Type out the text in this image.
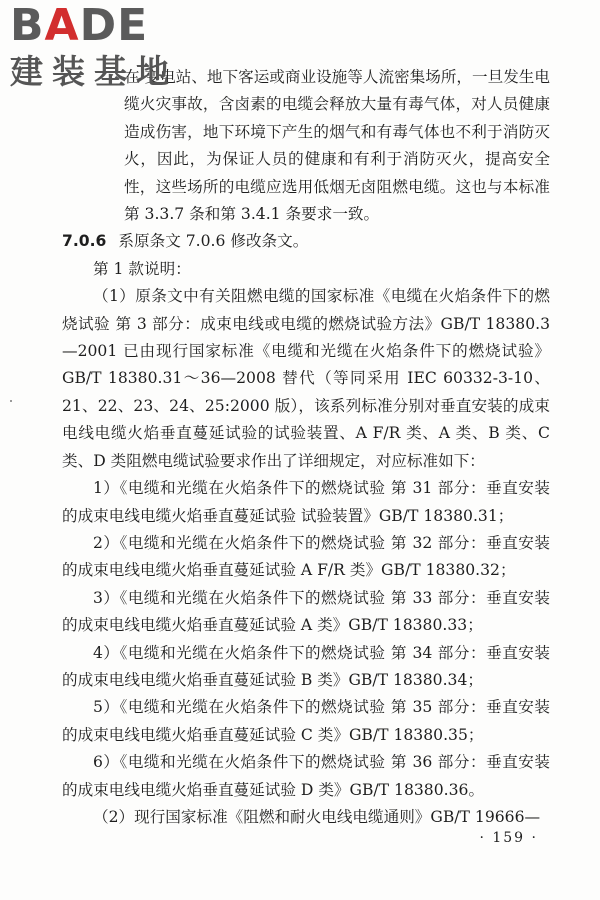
BADE
建装基地

在 变电站、地下客运或商业设施等人流密集场所，一旦发生电缆火灾事故，含卤素的电缆会释放大量有毒气体，对人员健康造成伤害，地下环境下产生的烟气和有毒气体也不利于消防灭火，因此，为保证人员的健康和有利于消防灭火，提高安全性，这些场所的电缆应选用低烟无卤阻燃电缆。这也与本标准第 3.3.7 条和第 3.4.1 条要求一致。

7.0.6 系原条文 7.0.6 修改条文。

第 1 款说明：

（1）原条文中有关阻燃电缆的国家标准《电缆在火焰条件下的燃烧试验 第 3 部分：成束电线或电缆的燃烧试验方法》GB/T 18380.3—2001 已由现行国家标准《电缆和光缆在火焰条件下的燃烧试验》GB/T 18380.31～36—2008 替代（等同采用 IEC 60332-3-10、21、22、23、24、25:2000 版），该系列标准分别对垂直安装的成束电线电缆火焰垂直蔓延试验的试验装置、A F/R 类、A 类、B 类、C 类、D 类阻燃电缆试验要求作出了详细规定，对应标准如下：

1）《电缆和光缆在火焰条件下的燃烧试验 第 31 部分：垂直安装的成束电线电缆火焰垂直蔓延试验 试验装置》GB/T 18380.31；

2）《电缆和光缆在火焰条件下的燃烧试验 第 32 部分：垂直安装的成束电线电缆火焰垂直蔓延试验 A F/R 类》GB/T 18380.32；

3）《电缆和光缆在火焰条件下的燃烧试验 第 33 部分：垂直安装的成束电线电缆火焰垂直蔓延试验 A 类》GB/T 18380.33；

4）《电缆和光缆在火焰条件下的燃烧试验 第 34 部分：垂直安装的成束电线电缆火焰垂直蔓延试验 B 类》GB/T 18380.34；

5）《电缆和光缆在火焰条件下的燃烧试验 第 35 部分：垂直安装的成束电线电缆火焰垂直蔓延试验 C 类》GB/T 18380.35；

6）《电缆和光缆在火焰条件下的燃烧试验 第 36 部分：垂直安装的成束电线电缆火焰垂直蔓延试验 D 类》GB/T 18380.36。

（2）现行国家标准《阻燃和耐火电线电缆通则》GB/T 19666—

· 159 ·
